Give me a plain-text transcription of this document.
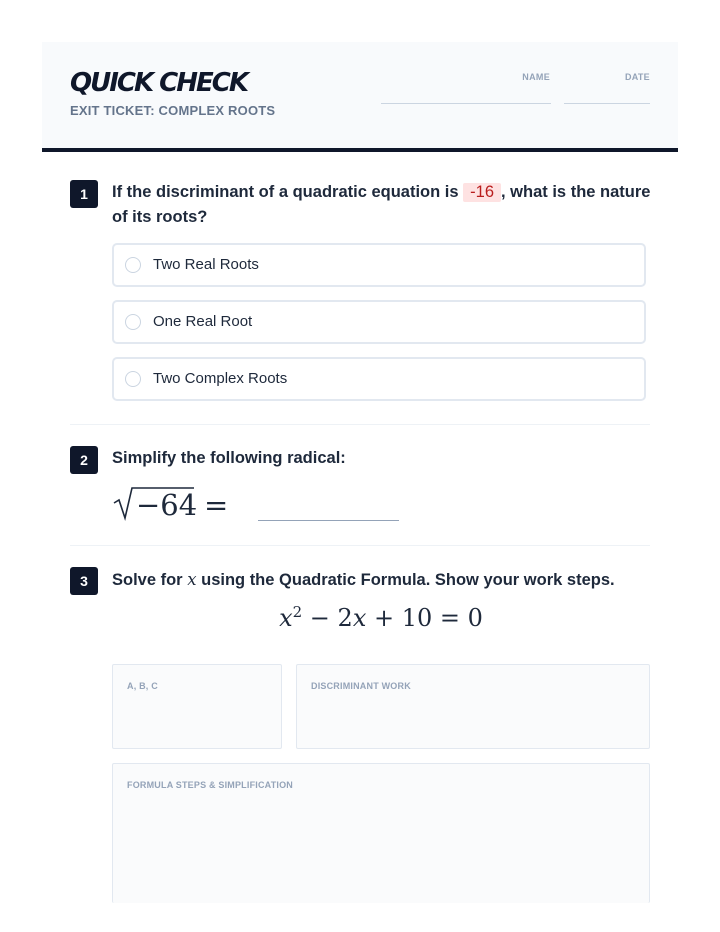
QUICK CHECK
EXIT TICKET: COMPLEX ROOTS
NAME	DATE
1	If the discriminant of a quadratic equation is -16 , what is the nature of its roots?
Two Real Roots
One Real Root
Two Complex Roots
2	Simplify the following radical:
−64 =
3	Solve for x using the Quadratic Formula. Show your work steps.
$x^2 - 2x + 10 = 0$
A, B, C	DISCRIMINANT WORK
FORMULA STEPS & SIMPLIFICATION
